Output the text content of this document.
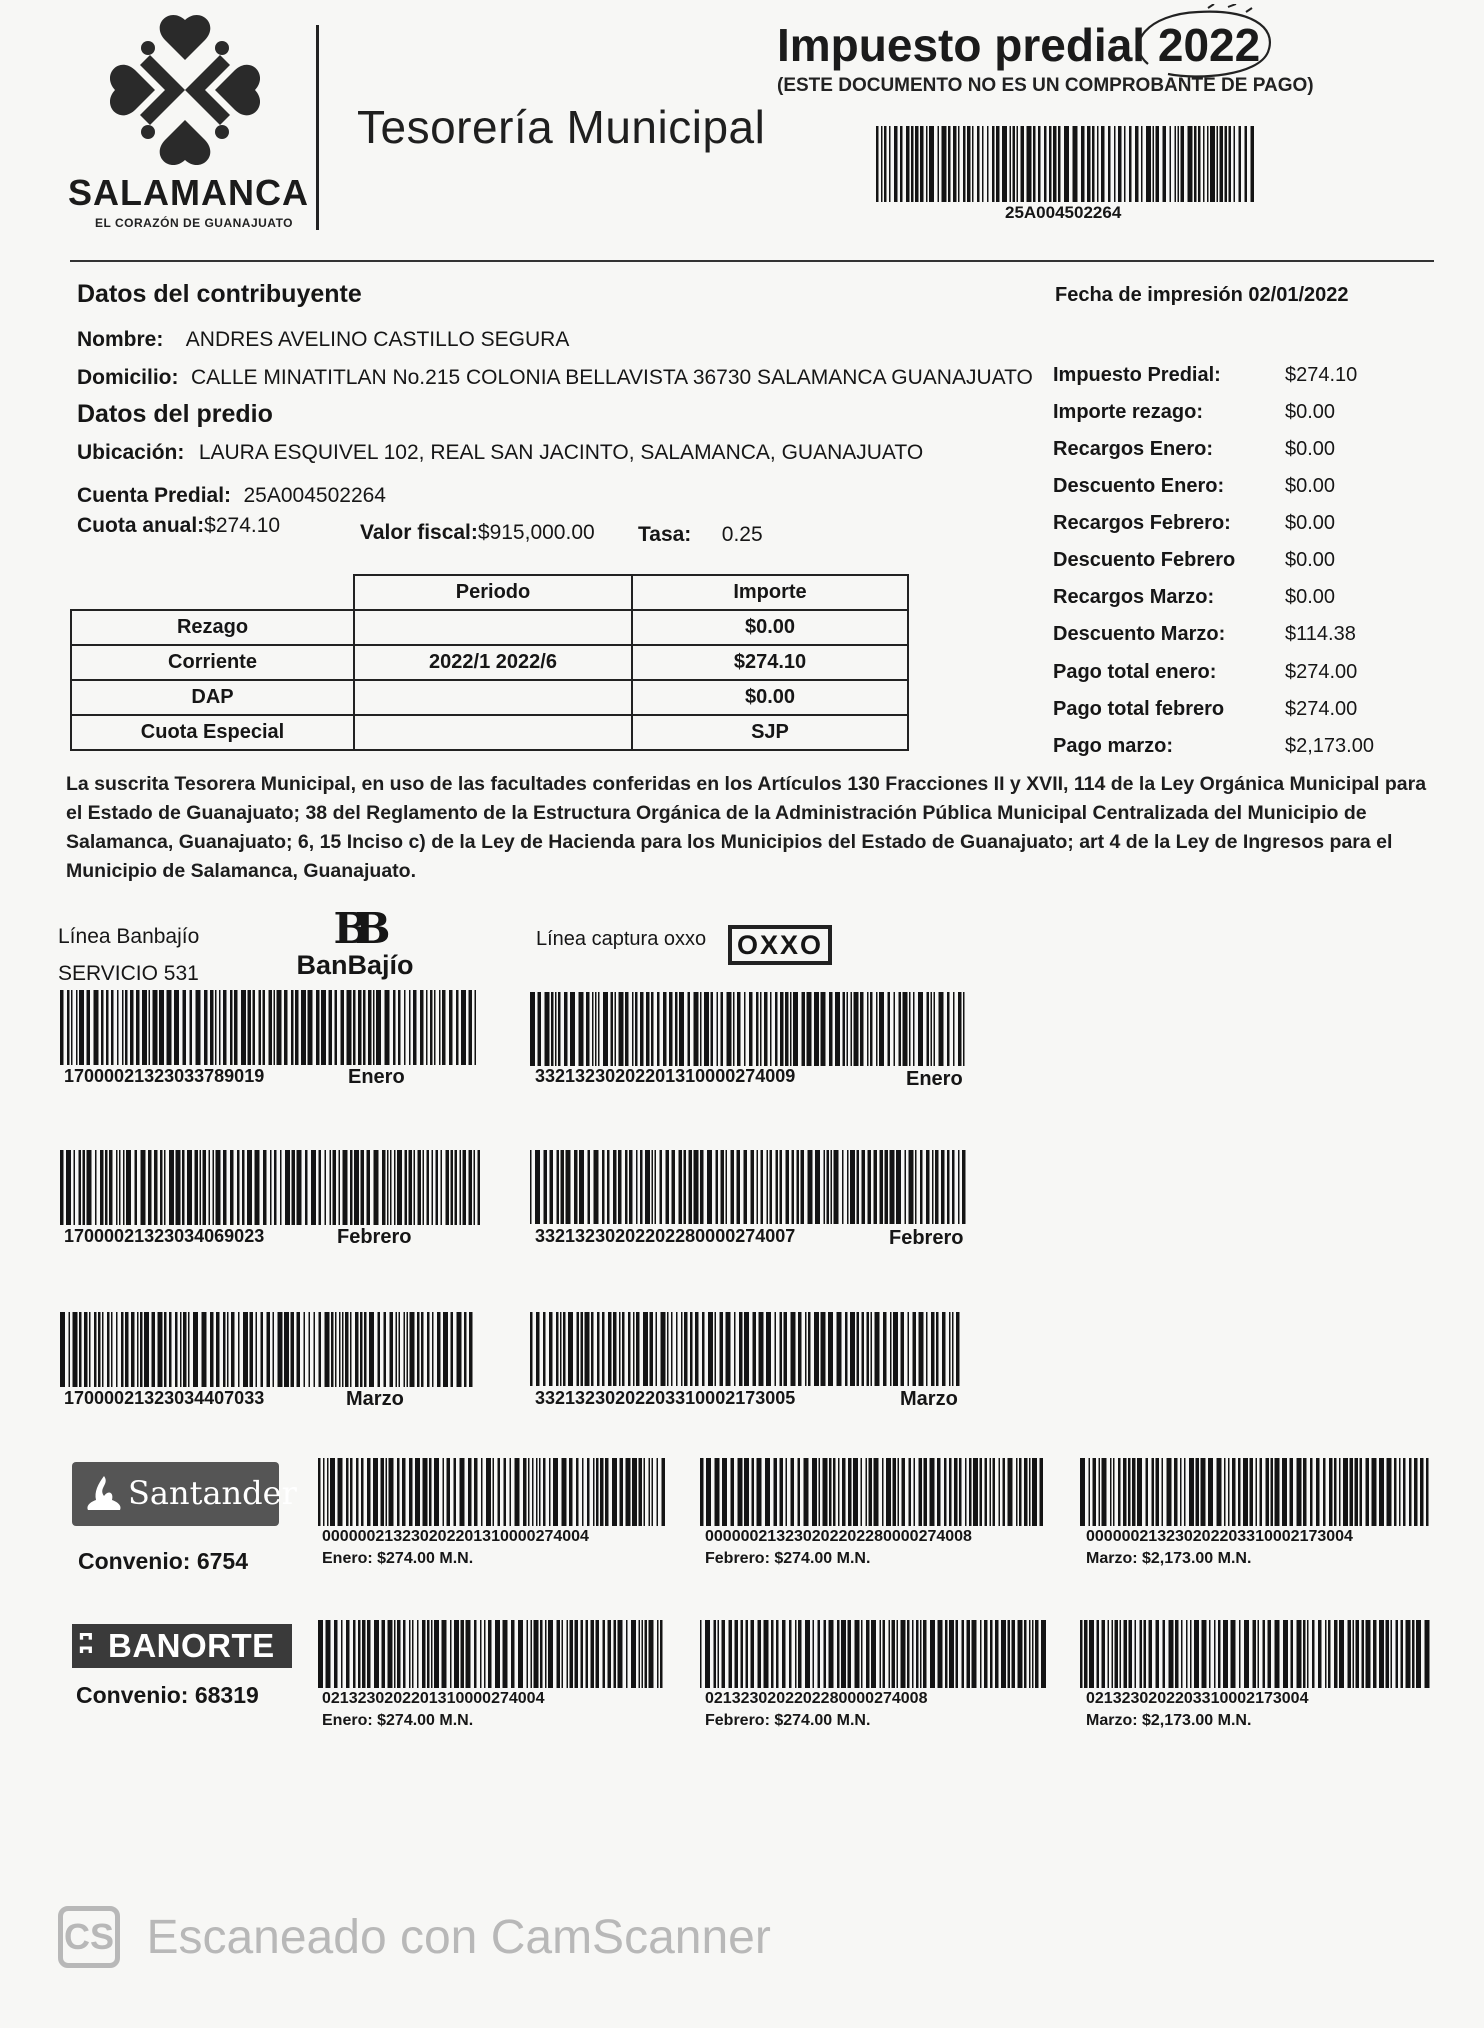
SALAMANCA
EL CORAZÓN DE GUANAJUATO
Tesorería Municipal
Impuesto predial 2022
(ESTE DOCUMENTO NO ES UN COMPROBANTE DE PAGO)
25A004502264
Datos del contribuyente
Nombre: ANDRES AVELINO CASTILLO SEGURA
Domicilio: CALLE MINATITLAN No.215 COLONIA BELLAVISTA 36730 SALAMANCA GUANAJUATO
Datos del predio
Ubicación: LAURA ESQUIVEL 102, REAL SAN JACINTO, SALAMANCA, GUANAJUATO
Cuenta Predial: 25A004502264
Cuota anual:$274.10	Valor fiscal:$915,000.00 Tasa: 0.25
	Periodo	Importe
Rezago		$0.00
Corriente	2022/1 2022/6	$274.10
DAP		$0.00
Cuota Especial		SJP
Fecha de impresión 02/01/2022
Impuesto Predial:	$274.10
Importe rezago:	$0.00
Recargos Enero:	$0.00
Descuento Enero:	$0.00
Recargos Febrero:	$0.00
Descuento Febrero $0.00
Recargos Marzo:	$0.00
Descuento Marzo:	$114.38
Pago total enero:	$274.00
Pago total febrero	$274.00
Pago marzo:	$2,173.00
La suscrita Tesorera Municipal, en uso de las facultades conferidas en los Artículos 130 Fracciones II y XVII, 114 de la Ley Orgánica Municipal para el Estado de Guanajuato; 38 del Reglamento de la Estructura Orgánica de la Administración Pública Municipal Centralizada del Municipio de Salamanca, Guanajuato; 6, 15 Inciso c) de la Ley de Hacienda para los Municipios del Estado de Guanajuato; art 4 de la Ley de Ingresos para el Municipio de Salamanca, Guanajuato.
Línea Banbajío
SERVICIO 531
BB
BanBajío
Línea captura oxxo	OXXO
17000021323033789019	Enero
17000021323034069023	Febrero
17000021323034407033	Marzo
33213230202201310000274009	Enero
33213230202202280000274007	Febrero
33213230202203310002173005	Marzo
Santander
Convenio: 6754
000000213230202201310000274004
Enero: $274.00 M.N.
000000213230202202280000274008
Febrero: $274.00 M.N.
000000213230202203310002173004
Marzo: $2,173.00 M.N.
ʭ BANORTE
Convenio: 68319	0213230202201310000274004
Enero: $274.00 M.N.
0213230202202280000274008
Febrero: $274.00 M.N.
0213230202203310002173004
Marzo: $2,173.00 M.N.
CS Escaneado con CamScanner
